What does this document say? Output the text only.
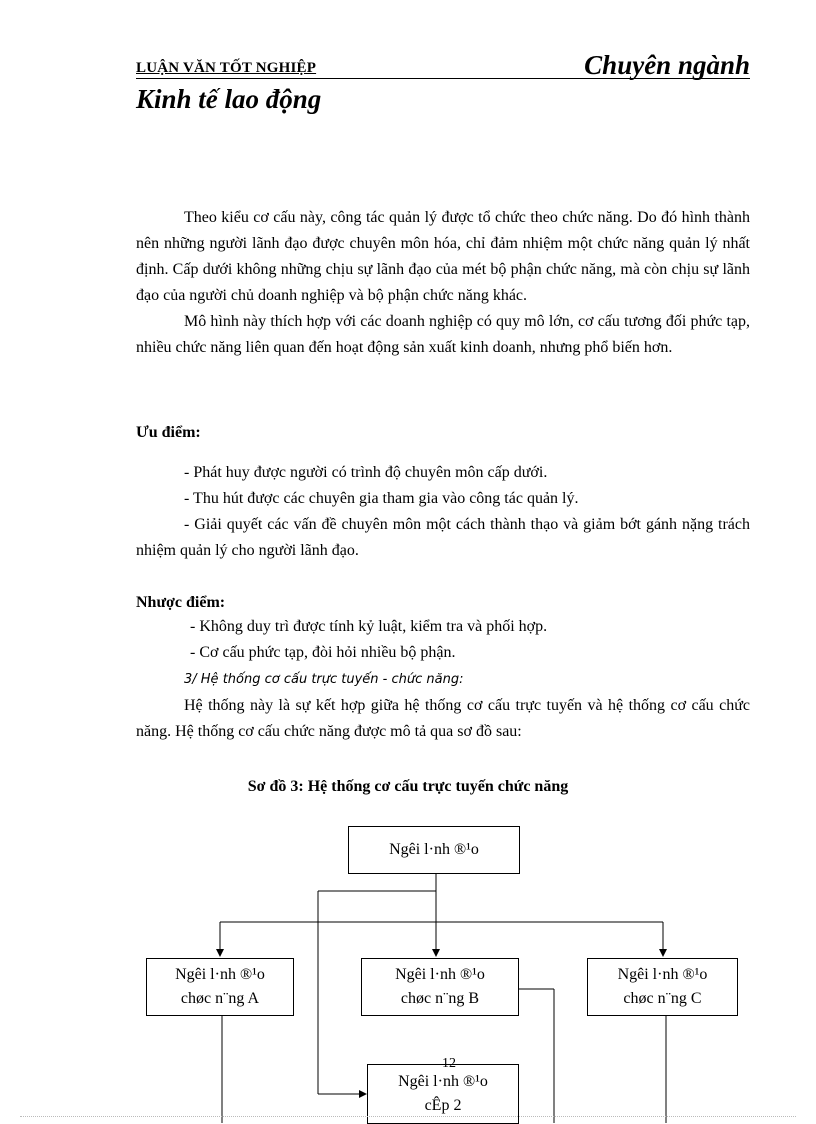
LUẬN VĂN TỐT NGHIỆP	Chuyên ngành
Kinh tế lao động

Theo kiểu cơ cấu này, công tác quản lý được tổ chức theo chức năng. Do đó hình thành nên những người lãnh đạo được chuyên môn hóa, chỉ đảm nhiệm một chức năng quản lý nhất định. Cấp dưới không những chịu sự lãnh đạo của mét bộ phận chức năng, mà còn chịu sự lãnh đạo của người chủ doanh nghiệp và bộ phận chức năng khác.

Mô hình này thích hợp với các doanh nghiệp có quy mô lớn, cơ cấu tương đối phức tạp, nhiều chức năng liên quan đến hoạt động sản xuất kinh doanh, nhưng phổ biến hơn.

Ưu điểm:

- Phát huy được người có trình độ chuyên môn cấp dưới.

- Thu hút được các chuyên gia tham gia vào công tác quản lý.

- Giải quyết các vấn đề chuyên môn một cách thành thạo và giảm bớt gánh nặng trách nhiệm quản lý cho người lãnh đạo.

Nhược điểm:

- Không duy trì được tính kỷ luật, kiểm tra và phối hợp.

- Cơ cấu phức tạp, đòi hỏi nhiều bộ phận.

3/ Hệ thống cơ cấu trực tuyến - chức năng:

Hệ thống này là sự kết hợp giữa hệ thống cơ cấu trực tuyến và hệ thống cơ cấu chức năng. Hệ thống cơ cấu chức năng được mô tả qua sơ đồ sau:

Sơ đồ 3: Hệ thống cơ cấu trực tuyến chức năng
Ngêi l·nh ®¹o
Ngêi l·nh ®¹o
chøc n¨ng A
Ngêi l·nh ®¹o
chøc n¨ng B
Ngêi l·nh ®¹o
chøc n¨ng C
Ngêi l·nh ®¹o
cÊp 2
12
